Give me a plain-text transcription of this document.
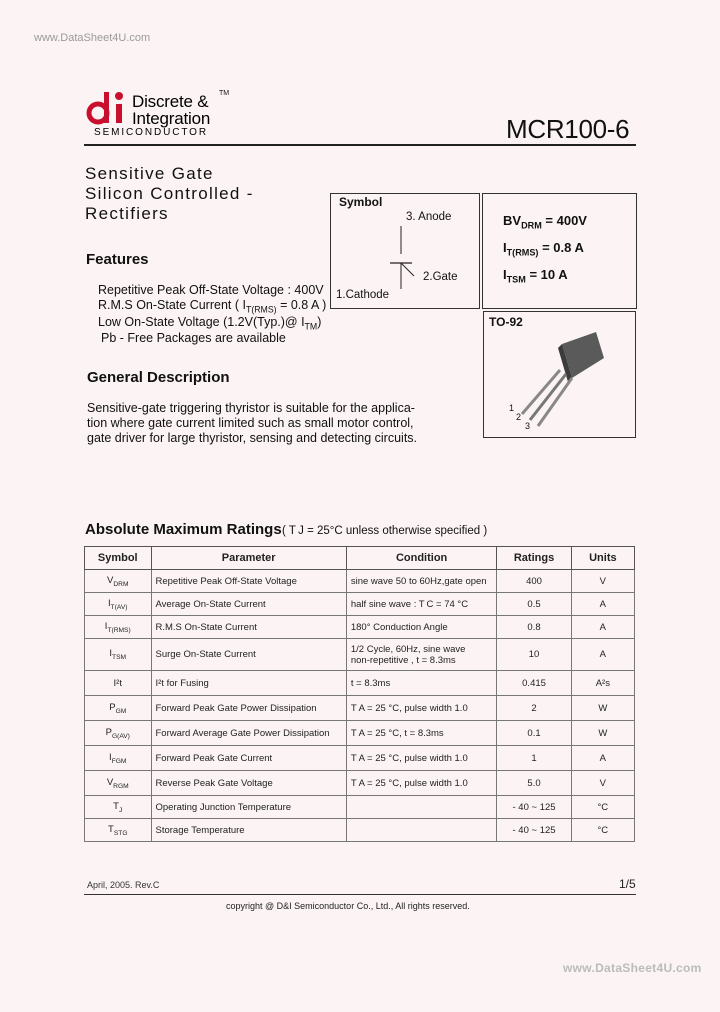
www.DataSheet4U.com
Discrete &
Integration
TM
SEMICONDUCTOR	MCR100-6
Sensitive Gate
Silicon Controlled -
Rectifiers
Features
Repetitive Peak Off-State Voltage : 400V
R.M.S On-State Current ( $I_{T(RMS)} = 0.8$ A )
Low On-State Voltage (1.2V(Typ.)@ $I_{TM}$)
Pb - Free Packages are available
General Description
Sensitive-gate triggering thyristor is suitable for the applica-
tion where gate current limited such as small motor control,
gate driver for large thyristor, sensing and detecting circuits.
Symbol
3. Anode
2.Gate
1.Cathode
$BV_{DRM} = 400V$
$I_{T(RMS)} = 0.8$ A
$I_{TSM} = 10$ A
TO-92
1
2
3
Absolute Maximum Ratings ( T J = 25°C unless otherwise specified )
Symbol	Parameter	Condition	Ratings	Units
$V_{DRM}$	Repetitive Peak Off-State Voltage	sine wave 50 to 60Hz,gate open	400	V
$I_{T(AV)}$	Average On-State Current	half sine wave : T C = 74 °C	0.5	A
$I_{T(RMS)}$	R.M.S On-State Current	180° Conduction Angle	0.8	A
$I_{TSM}$	Surge On-State Current	1/2 Cycle, 60Hz, sine wave
non-repetitive , t = 8.3ms	10	A
I²t	I²t for Fusing	t = 8.3ms	0.415	A²s
$P_{GM}$	Forward Peak Gate Power Dissipation	T A = 25 °C, pulse width 1.0	2	W
$P_{G(AV)}$	Forward Average Gate Power Dissipation	T A = 25 °C, t = 8.3ms	0.1	W
$I_{FGM}$	Forward Peak Gate Current	T A = 25 °C, pulse width 1.0	1	A
$V_{RGM}$	Reverse Peak Gate Voltage	T A = 25 °C, pulse width 1.0	5.0	V
$T_J$	Operating Junction Temperature		- 40 ~ 125	°C
$T_{STG}$	Storage Temperature		- 40 ~ 125	°C
April, 2005. Rev.C	1/5
copyright @ D&I Semiconductor Co., Ltd., All rights reserved.
www.DataSheet4U.com
